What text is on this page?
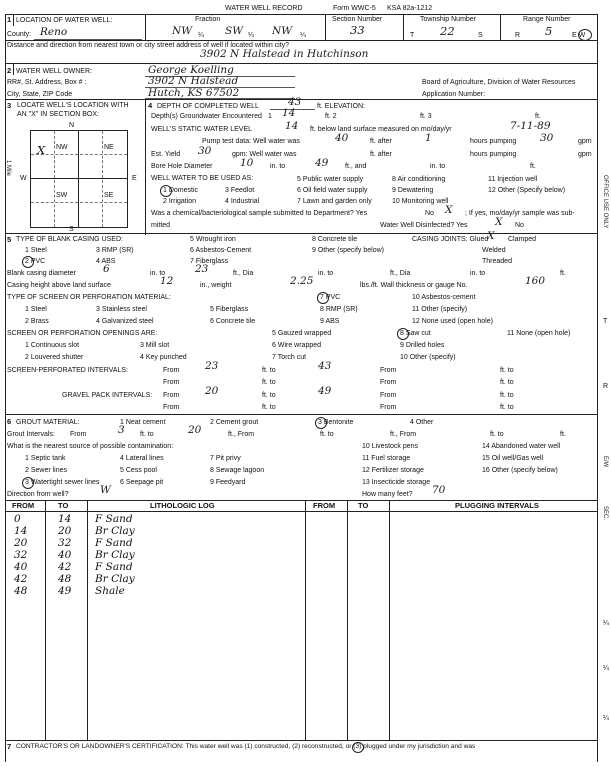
WATER WELL RECORD	Form WWC-5 KSA 82a-1212
1 LOCATION OF WATER WELL:	Fraction	Section Number	Township Number	Range Number
County: Reno	NW ¼ SW ¼ NW ¼	33	T 22	S	R 5	E W
Distance and direction from nearest town or city street address of well if located within city?
3902 N Halstead in Hutchinson
2 WATER WELL OWNER:	George Koelling
RR#, St. Address, Box # :	3902 N Halstead	Board of Agriculture, Division of Water Resources
City, State, ZIP Code	Hutch, KS 67502	Application Number:
3 LOCATE WELL'S LOCATION WITH
AN "X" IN SECTION BOX:
N
S
W	E
1 Mile
NW	NE
SW	SE
X
4 DEPTH OF COMPLETED WELL	43 ft. ELEVATION:
Depth(s) Groundwater Encountered 1 14	ft. 2	ft. 3	ft.
WELL'S STATIC WATER LEVEL	14 ft. below land surface measured on mo/day/yr	7-11-89
Pump test data: Well water was	40	ft. after	1	hours pumping 30	gpm
Est. Yield 30	gpm: Well water was	ft. after	hours pumping	gpm
Bore Hole Diameter	10 in. to	49 ft., and	in. to	ft.
WELL WATER TO BE USED AS:
1 Domestic	3 Feedlot
5 Public water supply
6 Oil field water supply
8 Air conditioning	11 Injection well
2 Irrigation	4 Industrial	7 Lawn and garden only
9 Dewatering	12 Other (Specify below)
10 Monitoring well
Was a chemical/bacteriological sample submitted to Department? Yes	No X ; If yes, mo/day/yr sample was sub-
mitted	Water Well Disinfected? Yes	X No
5 TYPE OF BLANK CASING USED:	5 Wrought iron	8 Concrete tile	CASING JOINTS: Glued
X Clamped
1 Steel	3 RMP (SR)	6 Asbestos-Cement	9 Other (specify below)	Welded
2 PVC	4 ABS	7 Fiberglass	Threaded
Blank casing diameter	6	in. to	23	ft., Dia	in. to	ft., Dia	in. to	ft.
Casing height above land surface	12	in., weight	2.25	lbs./ft. Wall thickness or gauge No.	160
TYPE OF SCREEN OR PERFORATION MATERIAL:	7 PVC	10 Asbestos-cement
1 Steel	3 Stainless steel	5 Fiberglass	8 RMP (SR)	11 Other (specify)
2 Brass	4 Galvanized steel	6 Concrete tile	9 ABS	12 None used (open hole)
SCREEN OR PERFORATION OPENINGS ARE:	5 Gauzed wrapped	8 Saw cut	11 None (open hole)
1 Continuous slot	3 Mill slot	6 Wire wrapped	9 Drilled holes
2 Louvered shutter	4 Key punched	7 Torch cut	10 Other (specify)
SCREEN-PERFORATED INTERVALS:	From 23	ft. to	43	From	ft. to
From	ft. to	From	ft. to
GRAVEL PACK INTERVALS: From 20	ft. to	49	From	ft. to
From	ft. to	From	ft. to
6 GROUT MATERIAL:	1 Neat cement	2 Cement grout	3 Bentonite	4 Other
Grout Intervals: From	3 ft. to	20	ft., From	ft. to	ft., From	ft. to	ft.
What is the nearest source of possible contamination:	10 Livestock pens	14 Abandoned water well
1 Septic tank	4 Lateral lines	7 Pit privy	11 Fuel storage	15 Oil well/Gas well
2 Sewer lines	5 Cess pool	8 Sewage lagoon	12 Fertilizer storage	16 Other (specify below)
3 Watertight sewer lines	6 Seepage pit	9 Feedyard	13 Insecticide storage
Direction from well?	W	How many feet? 70
FROM	TO	LITHOLOGIC LOG	FROM	TO	PLUGGING INTERVALS
0	14 F Sand
14	20 Br Clay
20	32 F Sand
32	40 Br Clay
40	42 F Sand
42	48 Br Clay
48	49 Shale
7 CONTRACTOR'S OR LANDOWNER'S CERTIFICATION: This water well was (1) constructed, (2) reconstructed, or (3) plugged under my jurisdiction and was
OFFICE USE ONLY
T
R
E/W
SEC.
¼
¼
¼
